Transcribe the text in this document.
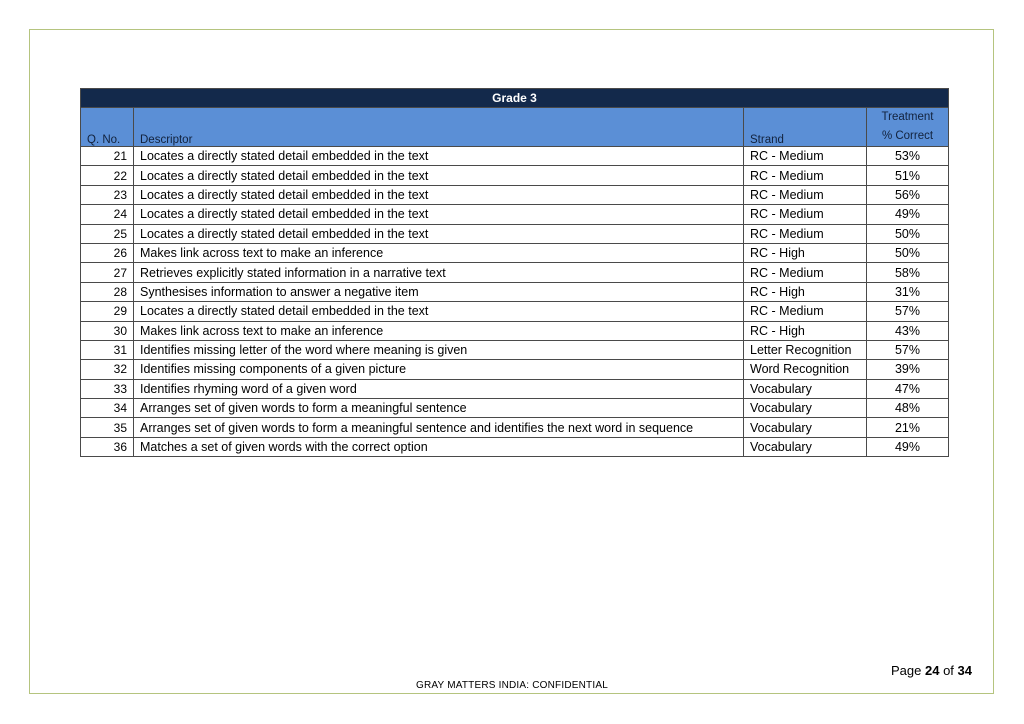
Grade 3			
Q. No.	Descriptor	Strand	Treatment
% Correct
21	Locates a directly stated detail embedded in the text	RC - Medium	53%
22	Locates a directly stated detail embedded in the text	RC - Medium	51%
23	Locates a directly stated detail embedded in the text	RC - Medium	56%
24	Locates a directly stated detail embedded in the text	RC - Medium	49%
25	Locates a directly stated detail embedded in the text	RC - Medium	50%
26	Makes link across text to make an inference	RC - High	50%
27	Retrieves explicitly stated information in a narrative text	RC - Medium	58%
28	Synthesises information to answer a negative item	RC - High	31%
29	Locates a directly stated detail embedded in the text	RC - Medium	57%
30	Makes link across text to make an inference	RC - High	43%
31	Identifies missing letter of the word where meaning is given	Letter Recognition	57%
32	Identifies missing components of a given picture	Word Recognition	39%
33	Identifies rhyming word of a given word	Vocabulary	47%
34	Arranges set of given words to form a meaningful sentence	Vocabulary	48%
35	Arranges set of given words to form a meaningful sentence and identifies the next word in sequence	Vocabulary	21%
36	Matches a set of given words with the correct option	Vocabulary	49%
Page 24 of 34
GRAY MATTERS INDIA: CONFIDENTIAL
